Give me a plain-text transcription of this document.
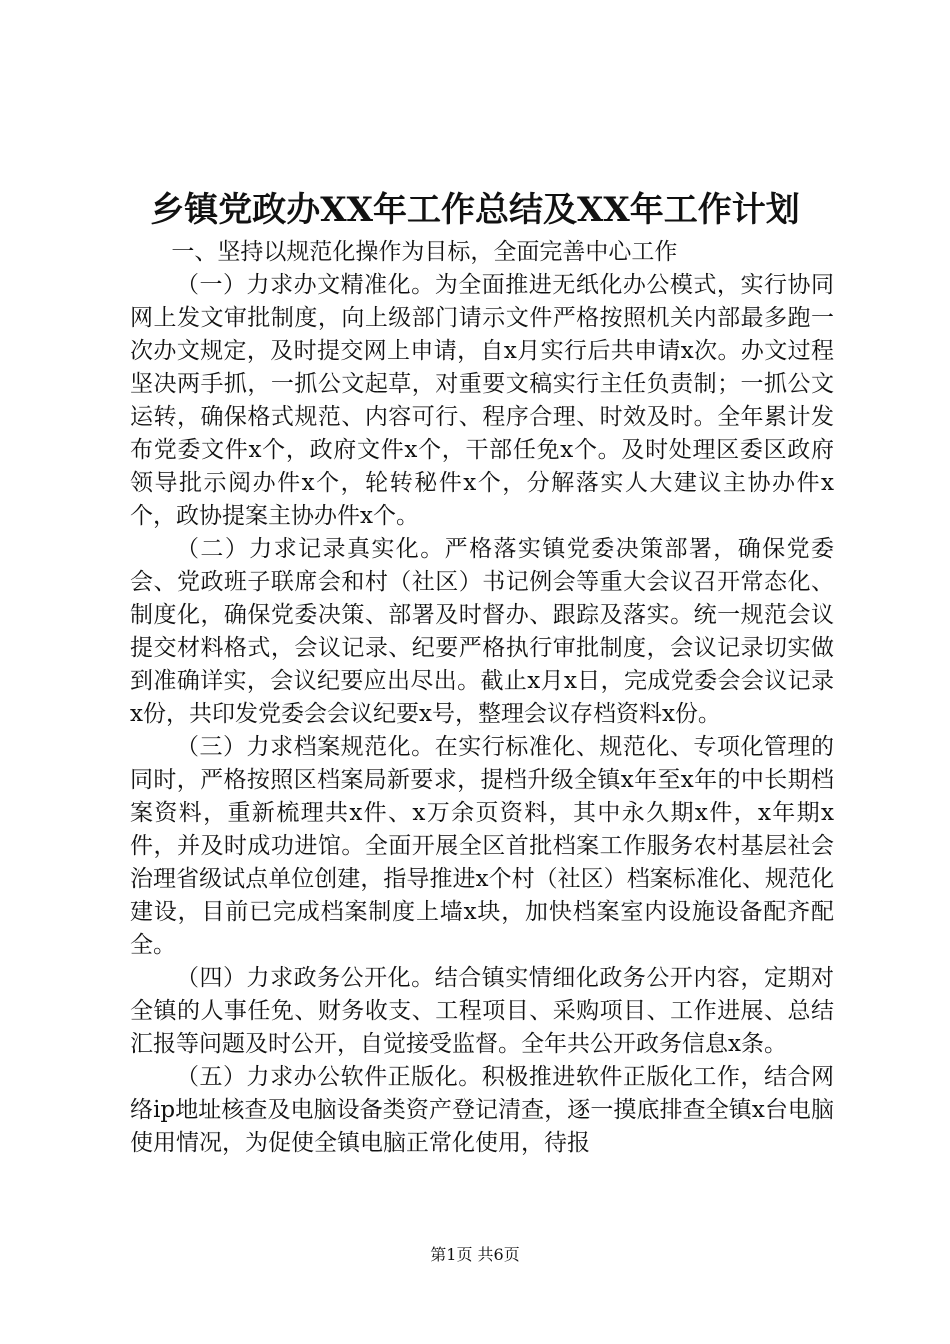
乡镇党政办XX年工作总结及XX年工作计划

一、坚持以规范化操作为目标，全面完善中心工作

（一）力求办文精准化。为全面推进无纸化办公模式，实行协同网上发文审批制度，向上级部门请示文件严格按照机关内部最多跑一次办文规定，及时提交网上申请，自x月实行后共申请x次。办文过程坚决两手抓，一抓公文起草，对重要文稿实行主任负责制；一抓公文运转，确保格式规范、内容可行、程序合理、时效及时。全年累计发布党委文件x个，政府文件x个，干部任免x个。及时处理区委区政府领导批示阅办件x个，轮转秘件x个，分解落实人大建议主协办件x个，政协提案主协办件x个。

（二）力求记录真实化。严格落实镇党委决策部署，确保党委会、党政班子联席会和村（社区）书记例会等重大会议召开常态化、制度化，确保党委决策、部署及时督办、跟踪及落实。统一规范会议提交材料格式，会议记录、纪要严格执行审批制度，会议记录切实做到准确详实，会议纪要应出尽出。截止x月x日，完成党委会会议记录x份，共印发党委会会议纪要x号，整理会议存档资料x份。

（三）力求档案规范化。在实行标准化、规范化、专项化管理的同时，严格按照区档案局新要求，提档升级全镇x年至x年的中长期档案资料，重新梳理共x件、x万余页资料，其中永久期x件，x年期x件，并及时成功进馆。全面开展全区首批档案工作服务农村基层社会治理省级试点单位创建，指导推进x个村（社区）档案标准化、规范化建设，目前已完成档案制度上墙x块，加快档案室内设施设备配齐配全。

（四）力求政务公开化。结合镇实情细化政务公开内容，定期对全镇的人事任免、财务收支、工程项目、采购项目、工作进展、总结汇报等问题及时公开，自觉接受监督。全年共公开政务信息x条。

（五）力求办公软件正版化。积极推进软件正版化工作，结合网络ip地址核查及电脑设备类资产登记清查，逐一摸底排查全镇x台电脑使用情况，为促使全镇电脑正常化使用，待报

第1页 共6页
